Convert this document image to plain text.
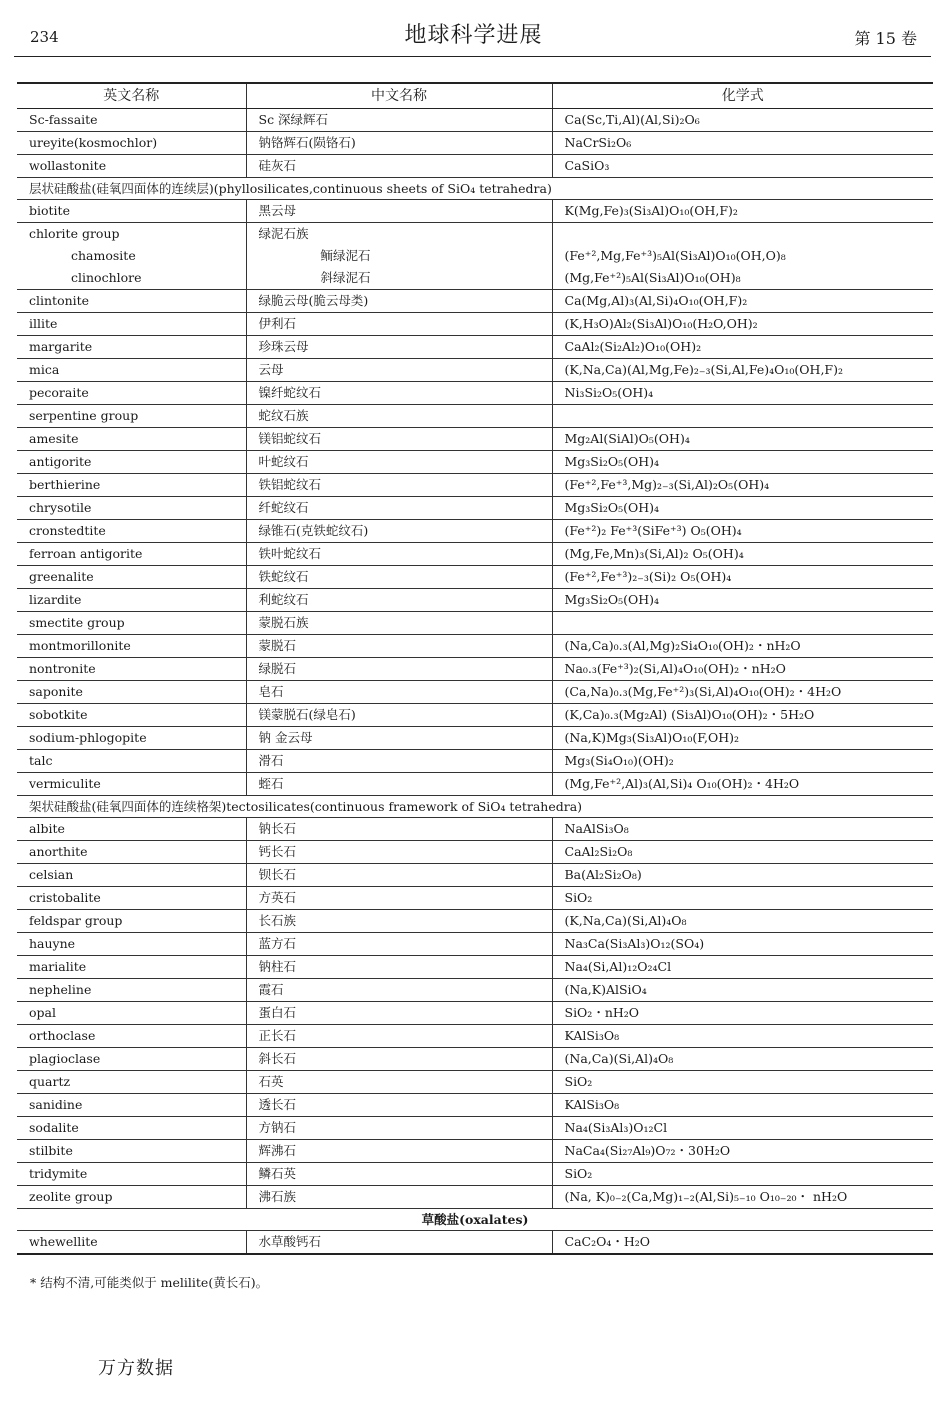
234	地球科学进展	第 15 卷
英文名称	中文名称	化学式
Sc-fassaite	Sc 深绿辉石	Ca(Sc,Ti,Al)(Al,Si)₂O₆
ureyite(kosmochlor)	钠铬辉石(陨铬石)	NaCrSi₂O₆
wollastonite	硅灰石	CaSiO₃
层状硅酸盐(硅氧四面体的连续层)(phyllosilicates,continuous sheets of SiO₄ tetrahedra)		
biotite	黑云母	K(Mg,Fe)₃(Si₃Al)O₁₀(OH,F)₂
chlorite group	绿泥石族	
chamosite	鲕绿泥石	(Fe⁺²,Mg,Fe⁺³)₅Al(Si₃Al)O₁₀(OH,O)₈
clinochlore	斜绿泥石	(Mg,Fe⁺²)₅Al(Si₃Al)O₁₀(OH)₈
clintonite	绿脆云母(脆云母类)	Ca(Mg,Al)₃(Al,Si)₄O₁₀(OH,F)₂
illite	伊利石	(K,H₃O)Al₂(Si₃Al)O₁₀(H₂O,OH)₂
margarite	珍珠云母	CaAl₂(Si₂Al₂)O₁₀(OH)₂
mica	云母	(K,Na,Ca)(Al,Mg,Fe)₂₋₃(Si,Al,Fe)₄O₁₀(OH,F)₂
pecoraite	镍纤蛇纹石	Ni₃Si₂O₅(OH)₄
serpentine group	蛇纹石族	
amesite	镁铝蛇纹石	Mg₂Al(SiAl)O₅(OH)₄
antigorite	叶蛇纹石	Mg₃Si₂O₅(OH)₄
berthierine	铁铝蛇纹石	(Fe⁺²,Fe⁺³,Mg)₂₋₃(Si,Al)₂O₅(OH)₄
chrysotile	纤蛇纹石	Mg₃Si₂O₅(OH)₄
cronstedtite	绿锥石(克铁蛇纹石)	(Fe⁺²)₂ Fe⁺³(SiFe⁺³) O₅(OH)₄
ferroan antigorite	铁叶蛇纹石	(Mg,Fe,Mn)₃(Si,Al)₂ O₅(OH)₄
greenalite	铁蛇纹石	(Fe⁺²,Fe⁺³)₂₋₃(Si)₂ O₅(OH)₄
lizardite	利蛇纹石	Mg₃Si₂O₅(OH)₄
smectite group	蒙脱石族	
montmorillonite	蒙脱石	(Na,Ca)₀.₃(Al,Mg)₂Si₄O₁₀(OH)₂・nH₂O
nontronite	绿脱石	Na₀.₃(Fe⁺³)₂(Si,Al)₄O₁₀(OH)₂・nH₂O
saponite	皂石	(Ca,Na)₀.₃(Mg,Fe⁺²)₃(Si,Al)₄O₁₀(OH)₂・4H₂O
sobotkite	镁蒙脱石(绿皂石)	(K,Ca)₀.₃(Mg₂Al) (Si₃Al)O₁₀(OH)₂・5H₂O
sodium-phlogopite	钠 金云母	(Na,K)Mg₃(Si₃Al)O₁₀(F,OH)₂
talc	滑石	Mg₃(Si₄O₁₀)(OH)₂
vermiculite	蛭石	(Mg,Fe⁺²,Al)₃(Al,Si)₄ O₁₀(OH)₂・4H₂O
架状硅酸盐(硅氧四面体的连续格架)tectosilicates(continuous framework of SiO₄ tetrahedra)		
albite	钠长石	NaAlSi₃O₈
anorthite	钙长石	CaAl₂Si₂O₈
celsian	钡长石	Ba(Al₂Si₂O₈)
cristobalite	方英石	SiO₂
feldspar group	长石族	(K,Na,Ca)(Si,Al)₄O₈
hauyne	蓝方石	Na₃Ca(Si₃Al₃)O₁₂(SO₄)
marialite	钠柱石	Na₄(Si,Al)₁₂O₂₄Cl
nepheline	霞石	(Na,K)AlSiO₄
opal	蛋白石	SiO₂・nH₂O
orthoclase	正长石	KAlSi₃O₈
plagioclase	斜长石	(Na,Ca)(Si,Al)₄O₈
quartz	石英	SiO₂
sanidine	透长石	KAlSi₃O₈
sodalite	方钠石	Na₄(Si₃Al₃)O₁₂Cl
stilbite	辉沸石	NaCa₄(Si₂₇Al₉)O₇₂・30H₂O
tridymite	鳞石英	SiO₂
zeolite group	沸石族	(Na, K)₀₋₂(Ca,Mg)₁₋₂(Al,Si)₅₋₁₀ O₁₀₋₂₀・ nH₂O
草酸盐(oxalates)		
whewellite	水草酸钙石	CaC₂O₄・H₂O
* 结构不清,可能类似于 melilite(黄长石)。
万方数据
